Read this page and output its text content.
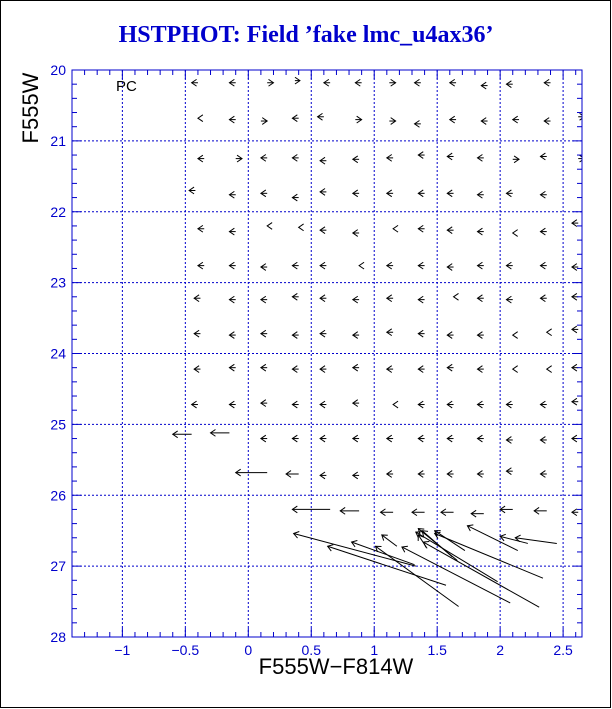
−1	−0.5	0	0.5	1	1.5	2	2.5
20
21
22
23
24
25
26
27
28
HSTPHOT: Field ’fake lmc_u4ax36’
PC
F555W−F814W
F555W
